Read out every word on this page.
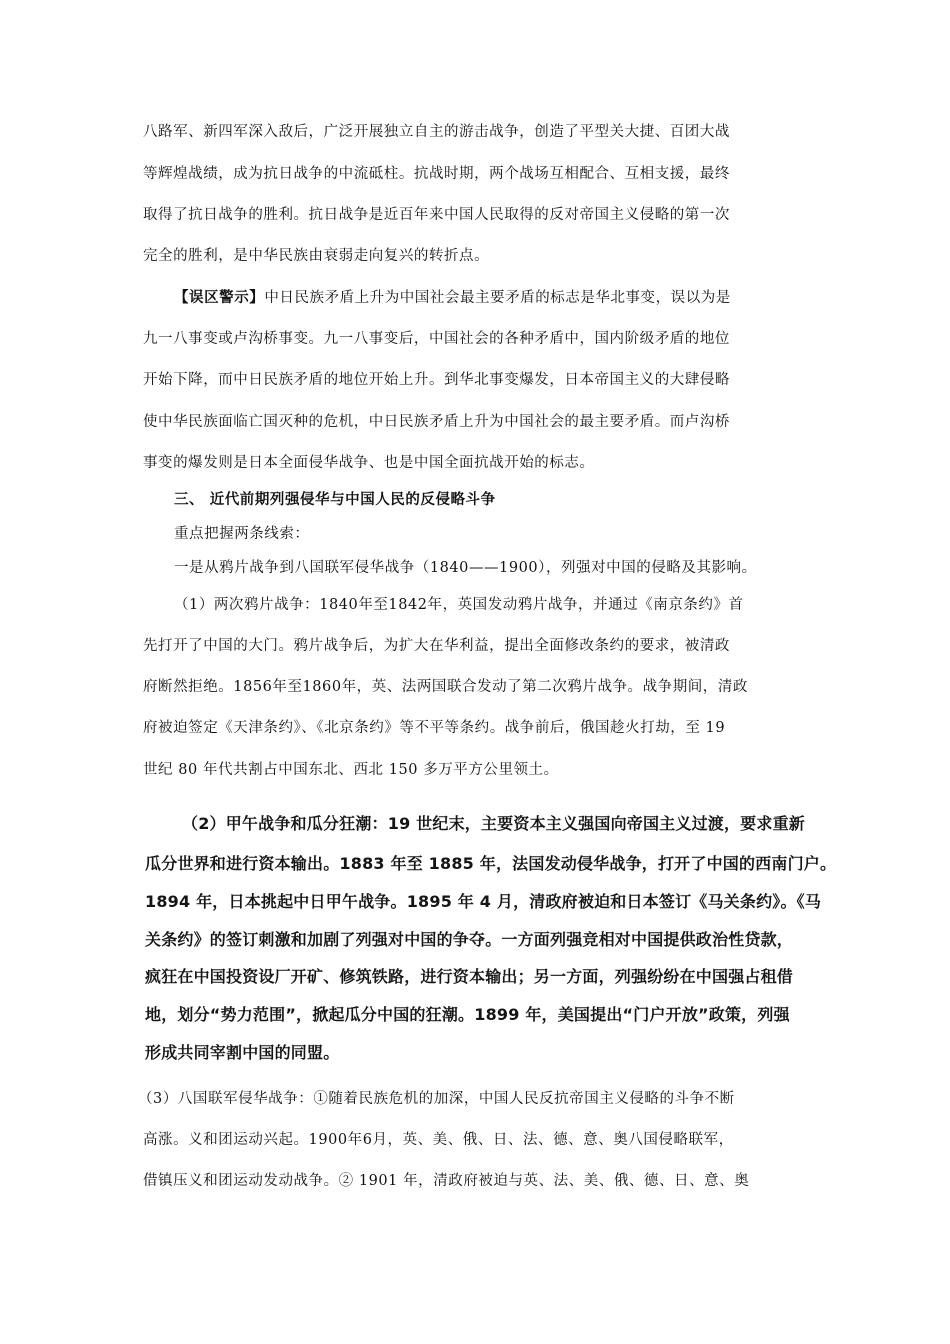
八路军、新四军深入敌后，广泛开展独立自主的游击战争，创造了平型关大捷、百团大战

等辉煌战绩，成为抗日战争的中流砥柱。抗战时期，两个战场互相配合、互相支援，最终

取得了抗日战争的胜利。抗日战争是近百年来中国人民取得的反对帝国主义侵略的第一次

完全的胜利，是中华民族由衰弱走向复兴的转折点。

【误区警示】中日民族矛盾上升为中国社会最主要矛盾的标志是华北事变，误以为是

九一八事变或卢沟桥事变。九一八事变后，中国社会的各种矛盾中，国内阶级矛盾的地位

开始下降，而中日民族矛盾的地位开始上升。到华北事变爆发，日本帝国主义的大肆侵略

使中华民族面临亡国灭种的危机，中日民族矛盾上升为中国社会的最主要矛盾。而卢沟桥

事变的爆发则是日本全面侵华战争、也是中国全面抗战开始的标志。

三、 近代前期列强侵华与中国人民的反侵略斗争

重点把握两条线索：

一是从鸦片战争到八国联军侵华战争（1840——1900），列强对中国的侵略及其影响。

（1）两次鸦片战争：1840年至1842年，英国发动鸦片战争，并通过《南京条约》首

先打开了中国的大门。鸦片战争后，为扩大在华利益，提出全面修改条约的要求，被清政

府断然拒绝。1856年至1860年，英、法两国联合发动了第二次鸦片战争。战争期间，清政

府被迫签定《天津条约》、《北京条约》等不平等条约。战争前后，俄国趁火打劫，至 19

世纪 80 年代共割占中国东北、西北 150 多万平方公里领土。

（2）甲午战争和瓜分狂潮：19 世纪末，主要资本主义强国向帝国主义过渡，要求重新

瓜分世界和进行资本输出。1883 年至 1885 年，法国发动侵华战争，打开了中国的西南门户。

1894 年，日本挑起中日甲午战争。1895 年 4 月，清政府被迫和日本签订《马关条约》。《马

关条约》的签订刺激和加剧了列强对中国的争夺。一方面列强竞相对中国提供政治性贷款，

疯狂在中国投资设厂开矿、修筑铁路，进行资本输出；另一方面，列强纷纷在中国强占租借

地，划分“势力范围”，掀起瓜分中国的狂潮。1899 年，美国提出“门户开放”政策，列强

形成共同宰割中国的同盟。

（3）八国联军侵华战争：①随着民族危机的加深，中国人民反抗帝国主义侵略的斗争不断

高涨。义和团运动兴起。1900年6月，英、美、俄、日、法、德、意、奥八国侵略联军，

借镇压义和团运动发动战争。② 1901 年，清政府被迫与英、法、美、俄、德、日、意、奥
